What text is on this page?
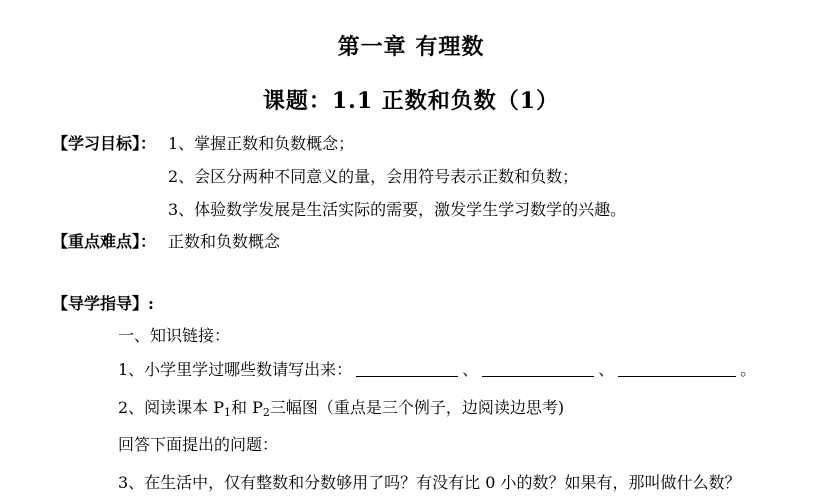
第一章 有理数
课题：1.1 正数和负数（1）
【学习目标】： 1、掌握正数和负数概念；
2、会区分两种不同意义的量，会用符号表示正数和负数；
3、体验数学发展是生活实际的需要，激发学生学习数学的兴趣。
【重点难点】： 正数和负数概念
【导学指导】:
一、知识链接：
1、小学里学过哪些数请写出来：	、	、	。
2、阅读课本 $P_1$和 $P_2$三幅图（重点是三个例子，边阅读边思考)
回答下面提出的问题：
3、在生活中，仅有整数和分数够用了吗？有没有比 0 小的数？如果有，那叫做什么数？
